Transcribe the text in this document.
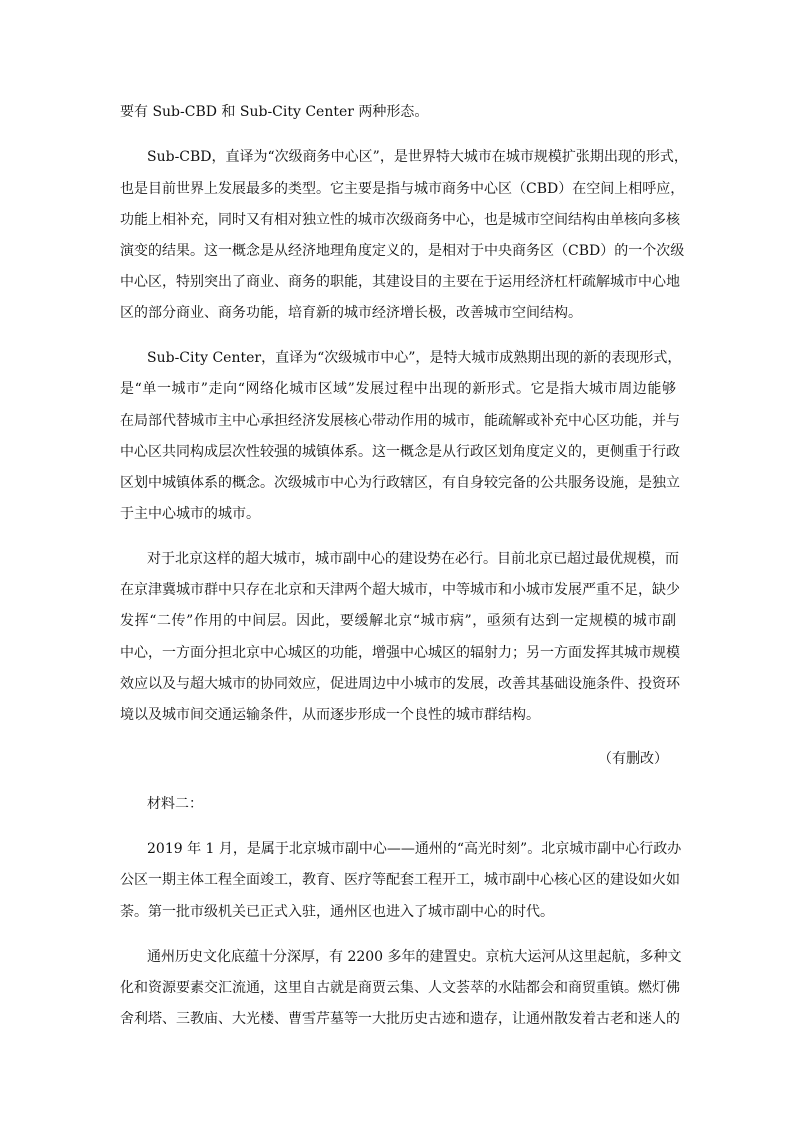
要有 Sub-CBD 和 Sub-City Center 两种形态。
Sub-CBD，直译为“次级商务中心区”，是世界特大城市在城市规模扩张期出现的形式，
也是目前世界上发展最多的类型。它主要是指与城市商务中心区（CBD）在空间上相呼应，
功能上相补充，同时又有相对独立性的城市次级商务中心，也是城市空间结构由单核向多核
演变的结果。这一概念是从经济地理角度定义的，是相对于中央商务区（CBD）的一个次级
中心区，特别突出了商业、商务的职能，其建设目的主要在于运用经济杠杆疏解城市中心地
区的部分商业、商务功能，培育新的城市经济增长极，改善城市空间结构。
Sub-City Center，直译为“次级城市中心”，是特大城市成熟期出现的新的表现形式，
是“单一城市”走向“网络化城市区域”发展过程中出现的新形式。它是指大城市周边能够
在局部代替城市主中心承担经济发展核心带动作用的城市，能疏解或补充中心区功能，并与
中心区共同构成层次性较强的城镇体系。这一概念是从行政区划角度定义的，更侧重于行政
区划中城镇体系的概念。次级城市中心为行政辖区，有自身较完备的公共服务设施，是独立
于主中心城市的城市。
对于北京这样的超大城市，城市副中心的建设势在必行。目前北京已超过最优规模，而
在京津冀城市群中只存在北京和天津两个超大城市，中等城市和小城市发展严重不足，缺少
发挥“二传”作用的中间层。因此，要缓解北京“城市病”，亟须有达到一定规模的城市副
中心，一方面分担北京中心城区的功能，增强中心城区的辐射力；另一方面发挥其城市规模
效应以及与超大城市的协同效应，促进周边中小城市的发展，改善其基础设施条件、投资环
境以及城市间交通运输条件，从而逐步形成一个良性的城市群结构。
（有删改）
材料二：
2019 年 1 月，是属于北京城市副中心——通州的“高光时刻”。北京城市副中心行政办
公区一期主体工程全面竣工，教育、医疗等配套工程开工，城市副中心核心区的建设如火如
荼。第一批市级机关已正式入驻，通州区也进入了城市副中心的时代。
通州历史文化底蕴十分深厚，有 2200 多年的建置史。京杭大运河从这里起航，多种文
化和资源要素交汇流通，这里自古就是商贾云集、人文荟萃的水陆都会和商贸重镇。燃灯佛
舍利塔、三教庙、大光楼、曹雪芹墓等一大批历史古迹和遗存，让通州散发着古老和迷人的
